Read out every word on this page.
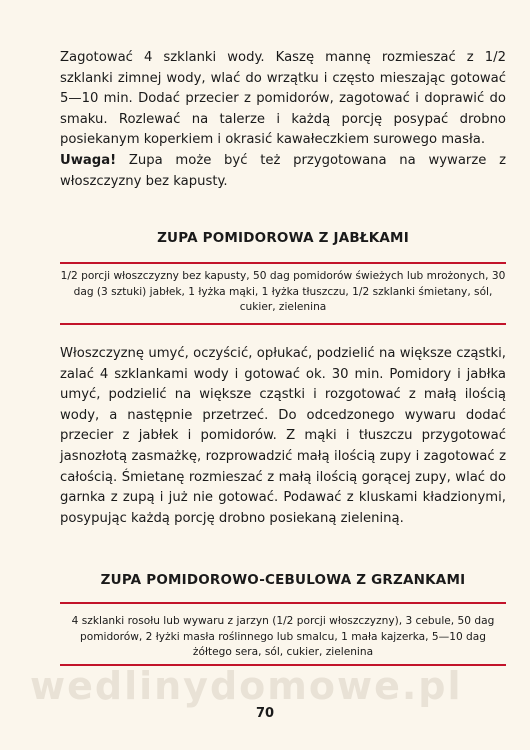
Zagotować 4 szklanki wody. Kaszę mannę rozmieszać z 1/2 szklanki zimnej wody, wlać do wrzątku i często mieszając gotować 5—10 min. Dodać przecier z pomidorów, zagotować i doprawić do smaku. Rozlewać na talerze i każdą porcję posypać drobno posiekanym koperkiem i okrasić kawałeczkiem surowego masła.
Uwaga! Zupa może być też przygotowana na wywarze z włoszczyzny bez kapusty.

ZUPA POMIDOROWA Z JABŁKAMI

1/2 porcji włoszczyzny bez kapusty, 50 dag pomidorów świeżych lub mrożonych, 30 dag (3 sztuki) jabłek, 1 łyżka mąki, 1 łyżka tłuszczu, 1/2 szklanki śmietany, sól, cukier, zielenina

Włoszczyznę umyć, oczyścić, opłukać, podzielić na większe cząstki, zalać 4 szklankami wody i gotować ok. 30 min. Pomidory i jabłka umyć, podzielić na większe cząstki i rozgotować z małą ilością wody, a następnie przetrzeć. Do odcedzonego wywaru dodać przecier z jabłek i pomidorów. Z mąki i tłuszczu przygotować jasnozłotą zasmażkę, rozprowadzić małą ilością zupy i zagotować z całością. Śmietanę rozmieszać z małą ilością gorącej zupy, wlać do garnka z zupą i już nie gotować. Podawać z kluskami kładzionymi, posypując każdą porcję drobno posiekaną zieleniną.

ZUPA POMIDOROWO-CEBULOWA Z GRZANKAMI

4 szklanki rosołu lub wywaru z jarzyn (1/2 porcji włoszczyzny), 3 cebule, 50 dag pomidorów, 2 łyżki masła roślinnego lub smalcu, 1 mała kajzerka, 5—10 dag żółtego sera, sól, cukier, zielenina

wedlinydomowe.pl
70
